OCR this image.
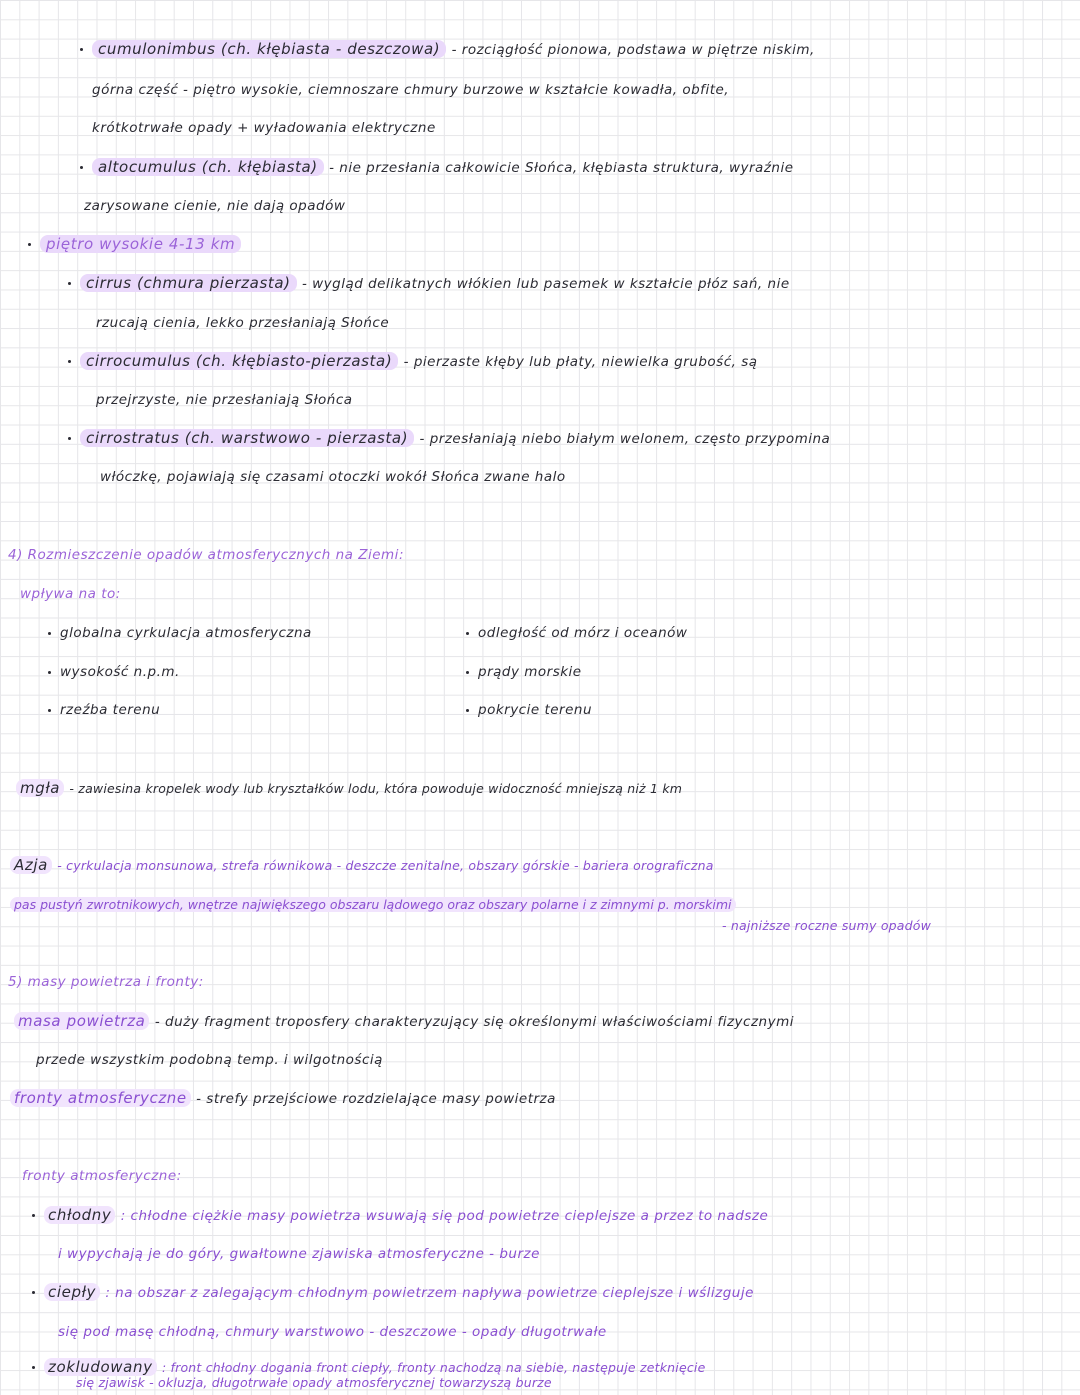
cumulonimbus (ch. kłębiasta - deszczowa) - rozciągłość pionowa, podstawa w piętrze niskim,
górna część - piętro wysokie, ciemnoszare chmury burzowe w kształcie kowadła, obfite,
krótkotrwałe opady + wyładowania elektryczne
altocumulus (ch. kłębiasta) - nie przesłania całkowicie Słońca, kłębiasta struktura, wyraźnie
zarysowane cienie, nie dają opadów
piętro wysokie 4-13 km
cirrus (chmura pierzasta) - wygląd delikatnych włókien lub pasemek w kształcie płóz sań, nie
rzucają cienia, lekko przesłaniają Słońce
cirrocumulus (ch. kłębiasto-pierzasta) - pierzaste kłęby lub płaty, niewielka grubość, są
przejrzyste, nie przesłaniają Słońca
cirrostratus (ch. warstwowo - pierzasta) - przesłaniają niebo białym welonem, często przypomina
włóczkę, pojawiają się czasami otoczki wokół Słońca zwane halo
4) Rozmieszczenie opadów atmosferycznych na Ziemi:
wpływa na to:
globalna cyrkulacja atmosferyczna
wysokość n.p.m.
rzeźba terenu
odległość od mórz i oceanów
prądy morskie
pokrycie terenu
mgła - zawiesina kropelek wody lub kryształków lodu, która powoduje widoczność mniejszą niż 1 km
Azja - cyrkulacja monsunowa, strefa równikowa - deszcze zenitalne, obszary górskie - bariera orograficzna
pas pustyń zwrotnikowych, wnętrze największego obszaru lądowego oraz obszary polarne i z zimnymi p. morskimi
- najniższe roczne sumy opadów
5) masy powietrza i fronty:
masa powietrza - duży fragment troposfery charakteryzujący się określonymi właściwościami fizycznymi
przede wszystkim podobną temp. i wilgotnością
fronty atmosferyczne - strefy przejściowe rozdzielające masy powietrza
fronty atmosferyczne:
chłodny : chłodne ciężkie masy powietrza wsuwają się pod powietrze cieplejsze a przez to nadsze
i wypychają je do góry, gwałtowne zjawiska atmosferyczne - burze
ciepły : na obszar z zalegającym chłodnym powietrzem napływa powietrze cieplejsze i wślizguje
się pod masę chłodną, chmury warstwowo - deszczowe - opady długotrwałe
zokludowany : front chłodny dogania front ciepły, fronty nachodzą na siebie, następuje zetknięcie
się zjawisk - okluzja, długotrwałe opady atmosferycznej towarzyszą burze
